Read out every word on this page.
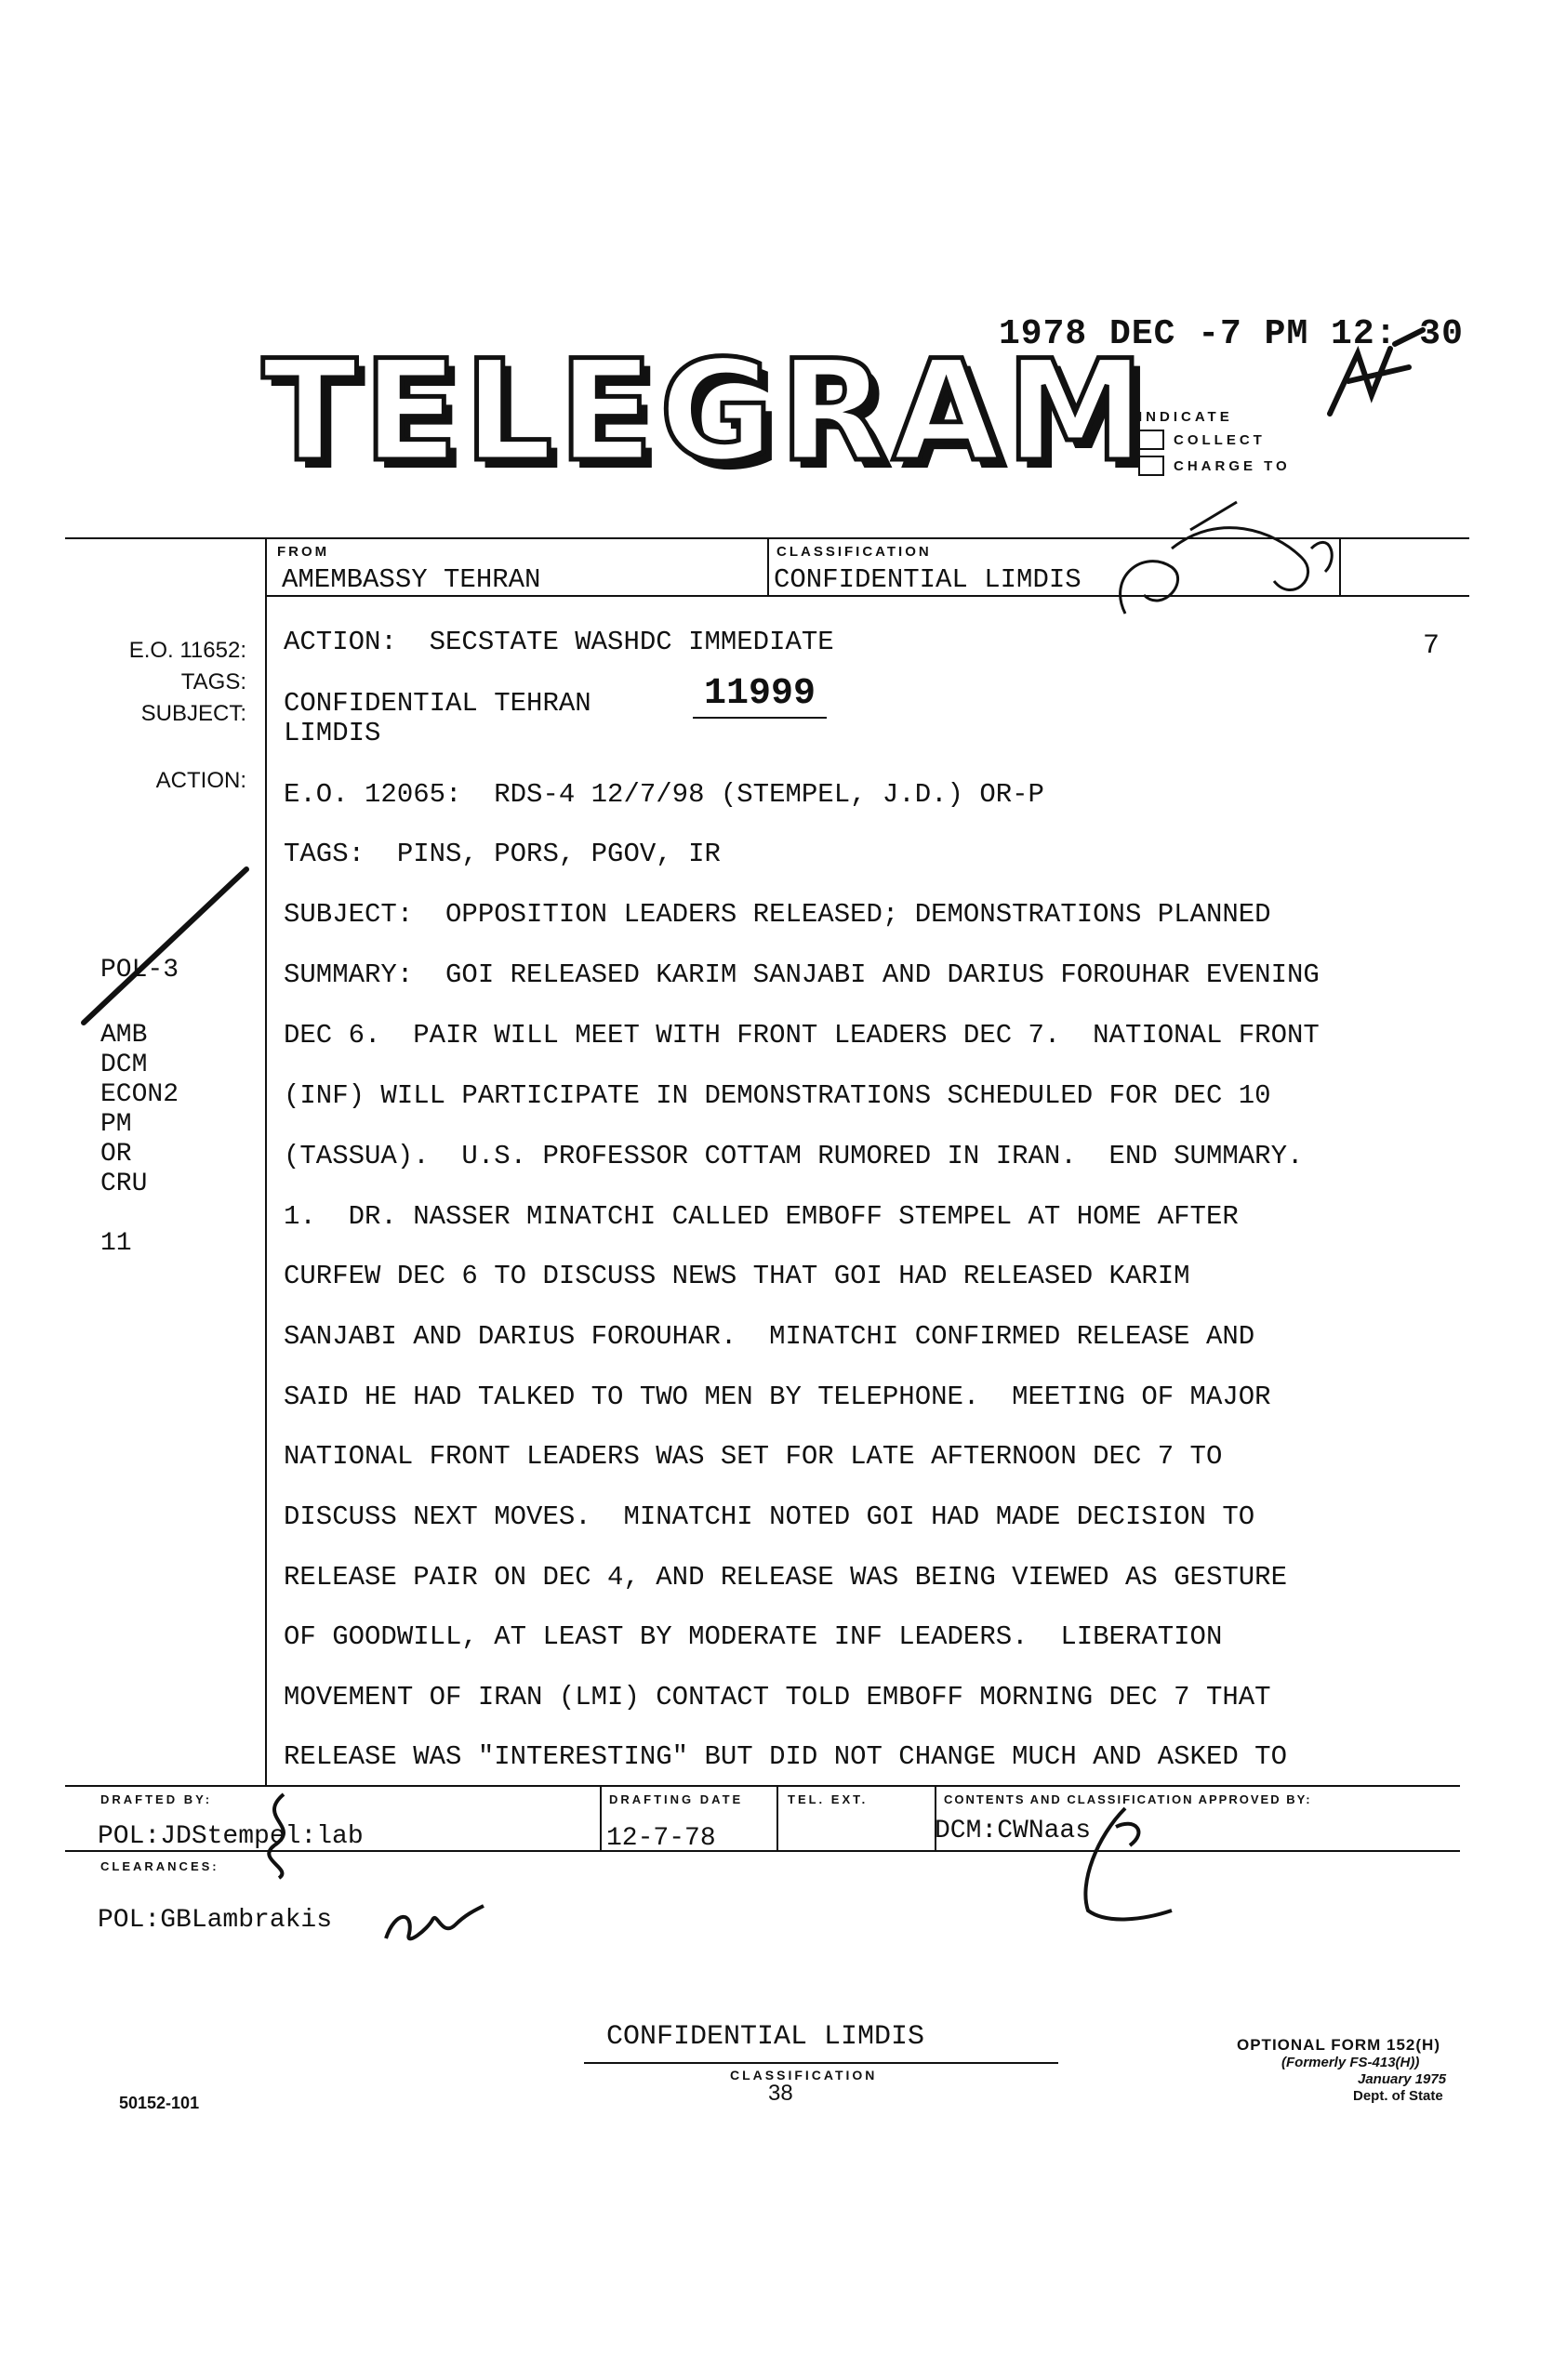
TELEGRAM
1978 DEC -7 PM 12: 30
INDICATE
COLLECT
CHARGE TO
FROM
AMEMBASSY TEHRAN
CLASSIFICATION
CONFIDENTIAL LIMDIS
E.O. 11652:
TAGS:
SUBJECT:
ACTION:
POL-3
AMB
DCM
ECON2
PM
OR
CRU
11
ACTION:  SECSTATE WASHDC IMMEDIATE	7
CONFIDENTIAL TEHRAN	11999
LIMDIS
E.O. 12065:  RDS-4 12/7/98 (STEMPEL, J.D.) OR-P
TAGS:  PINS, PORS, PGOV, IR
SUBJECT:  OPPOSITION LEADERS RELEASED; DEMONSTRATIONS PLANNED
SUMMARY:  GOI RELEASED KARIM SANJABI AND DARIUS FOROUHAR EVENING
DEC 6.  PAIR WILL MEET WITH FRONT LEADERS DEC 7.  NATIONAL FRONT
(INF) WILL PARTICIPATE IN DEMONSTRATIONS SCHEDULED FOR DEC 10
(TASSUA).  U.S. PROFESSOR COTTAM RUMORED IN IRAN.  END SUMMARY.
1.  DR. NASSER MINATCHI CALLED EMBOFF STEMPEL AT HOME AFTER
CURFEW DEC 6 TO DISCUSS NEWS THAT GOI HAD RELEASED KARIM
SANJABI AND DARIUS FOROUHAR.  MINATCHI CONFIRMED RELEASE AND
SAID HE HAD TALKED TO TWO MEN BY TELEPHONE.  MEETING OF MAJOR
NATIONAL FRONT LEADERS WAS SET FOR LATE AFTERNOON DEC 7 TO
DISCUSS NEXT MOVES.  MINATCHI NOTED GOI HAD MADE DECISION TO
RELEASE PAIR ON DEC 4, AND RELEASE WAS BEING VIEWED AS GESTURE
OF GOODWILL, AT LEAST BY MODERATE INF LEADERS.  LIBERATION
MOVEMENT OF IRAN (LMI) CONTACT TOLD EMBOFF MORNING DEC 7 THAT
RELEASE WAS "INTERESTING" BUT DID NOT CHANGE MUCH AND ASKED TO
DRAFTED BY:
POL:JDStempel:lab
DRAFTING DATE
12-7-78
TEL. EXT.	CONTENTS AND CLASSIFICATION APPROVED BY:
DCM:CWNaas
CLEARANCES:
POL:GBLambrakis
CONFIDENTIAL LIMDIS
CLASSIFICATION
38
50152-101
OPTIONAL FORM 152(H)
(Formerly FS-413(H))
January 1975
Dept. of State
